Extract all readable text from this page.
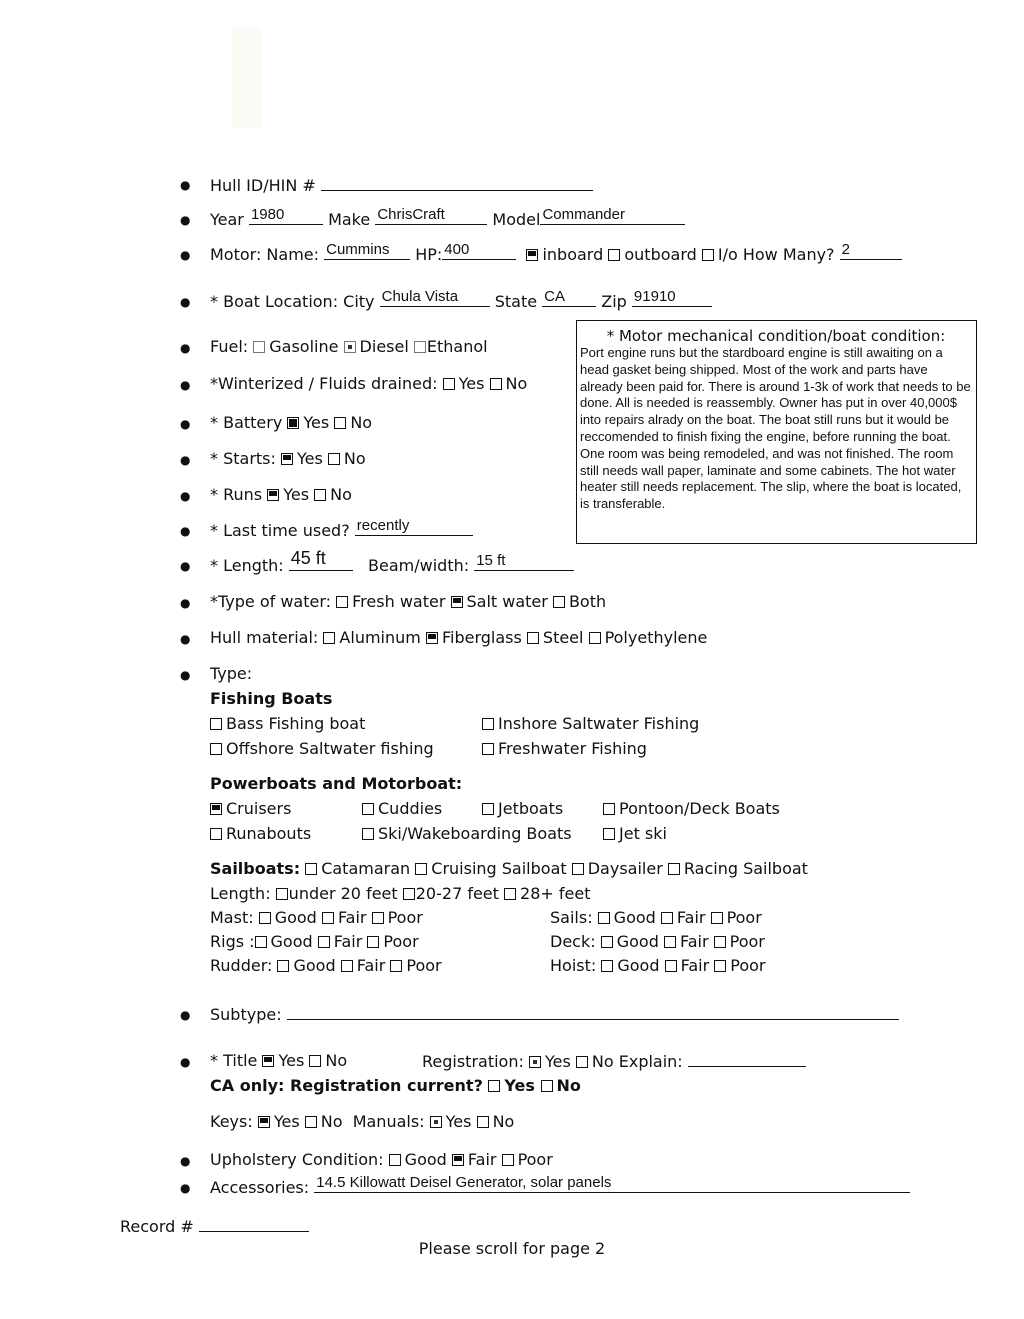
● Hull ID/HIN #
● Year 1980	Make ChrisCraft	Model Commander
● Motor: Name: Cummins HP: 400	inboard outboard I/o How Many? 2
● * Boat Location: City Chula Vista State CA Zip 91910
● Fuel: Gasoline Diesel Ethanol
● *Winterized / Fluids drained: Yes No
● * Battery Yes No
● * Starts: Yes No
● * Runs Yes No
● * Last time used? recently
● * Length: 45 ft	Beam/width: 15 ft
● *Type of water: Fresh water Salt water Both
● Hull material: Aluminum Fiberglass Steel Polyethylene
● Type:
Fishing Boats
Bass Fishing boat	Inshore Saltwater Fishing
Offshore Saltwater fishing	Freshwater Fishing
Powerboats and Motorboat:
Cruisers	Cuddies	Jetboats	Pontoon/Deck Boats
Runabouts	Ski/Wakeboarding Boats	Jet ski
Sailboats: Catamaran Cruising Sailboat Daysailer Racing Sailboat
Length: under 20 feet 20-27 feet 28+ feet
Mast: Good Fair Poor	Sails: Good Fair Poor
Rigs : Good Fair Poor	Deck: Good Fair Poor
Rudder: Good Fair Poor	Hoist: Good Fair Poor
● Subtype:
● * Title Yes No	Registration: Yes No Explain:
CA only: Registration current? Yes No
Keys: Yes No Manuals: Yes No
● Upholstery Condition: Good Fair Poor
● Accessories: 14.5 Killowatt Deisel Generator, solar panels
Record #
Please scroll for page 2
* Motor mechanical condition/boat condition:
Port engine runs but the stardboard engine is still awaiting on a head gasket being shipped. Most of the work and parts have already been paid for. There is around 1-3k of work that needs to be done. All is needed is reassembly. Owner has put in over 40,000$ into repairs alrady on the boat. The boat still runs but it would be reccomended to finish fixing the engine, before running the boat. One room was being remodeled, and was not finished. The room still needs wall paper, laminate and some cabinets. The hot water heater still needs replacement. The slip, where the boat is located, is transferable.
